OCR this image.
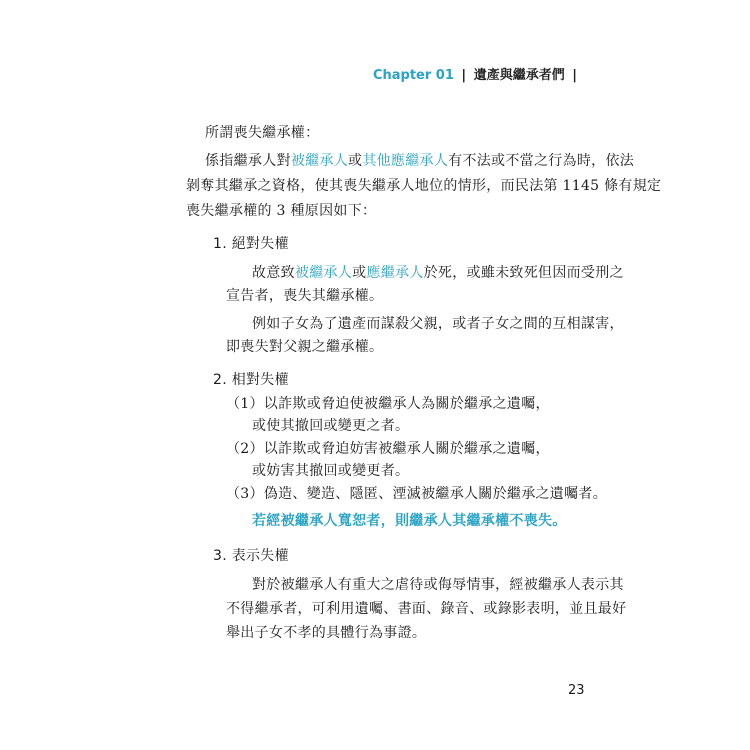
Chapter 01 | 遺產與繼承者們 |
所謂喪失繼承權：
係指繼承人對被繼承人或其他應繼承人有不法或不當之行為時，依法
剝奪其繼承之資格，使其喪失繼承人地位的情形，而民法第 1145 條有規定
喪失繼承權的 3 種原因如下：
1. 絕對失權
故意致被繼承人或應繼承人於死，或雖未致死但因而受刑之
宣告者，喪失其繼承權。
例如子女為了遺產而謀殺父親，或者子女之間的互相謀害，
即喪失對父親之繼承權。
2. 相對失權
（1）以詐欺或脅迫使被繼承人為關於繼承之遺囑，
或使其撤回或變更之者。
（2）以詐欺或脅迫妨害被繼承人關於繼承之遺囑，
或妨害其撤回或變更者。
（3）偽造、變造、隱匿、湮滅被繼承人關於繼承之遺囑者。
若經被繼承人寬恕者，則繼承人其繼承權不喪失。
3. 表示失權
對於被繼承人有重大之虐待或侮辱情事，經被繼承人表示其
不得繼承者，可利用遺囑、書面、錄音、或錄影表明，並且最好
舉出子女不孝的具體行為事證。
23
